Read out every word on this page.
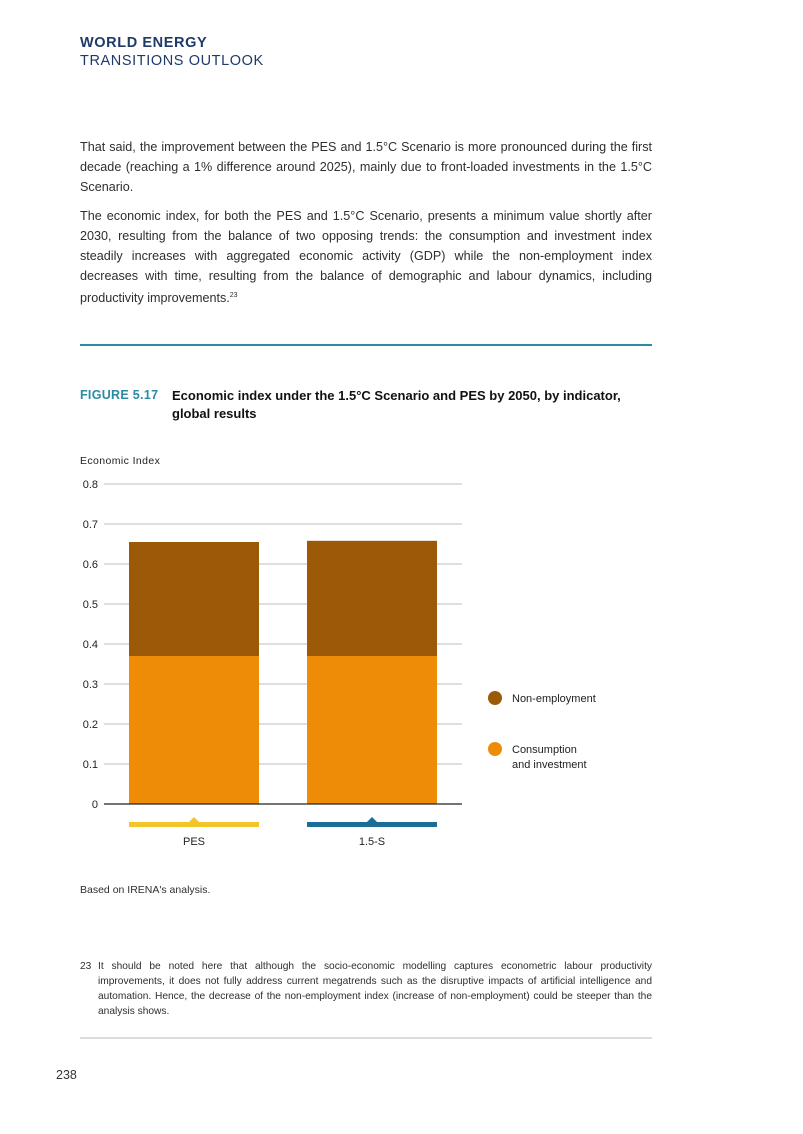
WORLD ENERGY
TRANSITIONS OUTLOOK

That said, the improvement between the PES and 1.5°C Scenario is more pronounced during the first decade (reaching a 1% difference around 2025), mainly due to front-loaded investments in the 1.5°C Scenario.

The economic index, for both the PES and 1.5°C Scenario, presents a minimum value shortly after 2030, resulting from the balance of two opposing trends: the consumption and investment index steadily increases with aggregated economic activity (GDP) while the non-employment index decreases with time, resulting from the balance of demographic and labour dynamics, including productivity improvements.$^{23}$

FIGURE 5.17 Economic index under the 1.5°C Scenario and PES by 2050, by indicator, global results
Economic Index
0
0.1
0.2
0.3
0.4
0.5
0.6
0.7
0.8
PES	1.5-S
Non-employment
Consumption and investment
Based on IRENA's analysis.
23 It should be noted here that although the socio-economic modelling captures econometric labour productivity improvements, it does not fully address current megatrends such as the disruptive impacts of artificial intelligence and automation. Hence, the decrease of the non-employment index (increase of non-employment) could be steeper than the analysis shows.
238
